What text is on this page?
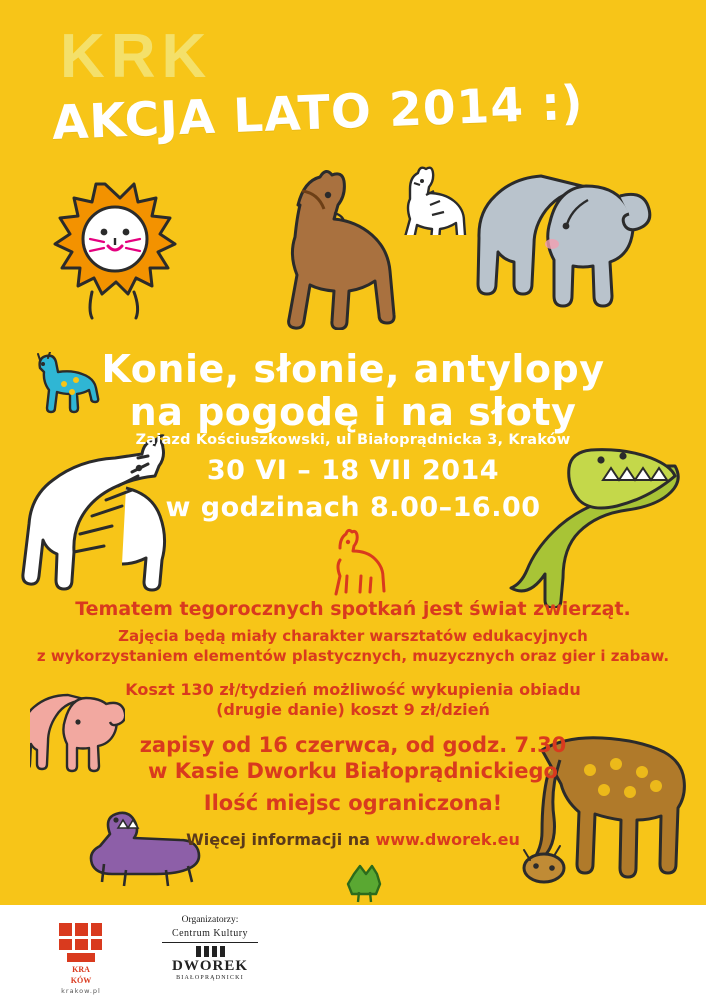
KRK
AKCJA LATO 2014 :)
Konie, słonie, antylopy
na pogodę i na słoty
Zajazd Kościuszkowski, ul Białoprądnicka 3, Kraków
30 VI – 18 VII 2014
w godzinach 8.00–16.00
Tematem tegorocznych spotkań jest świat zwierząt.
Zajęcia będą miały charakter warsztatów edukacyjnych
z wykorzystaniem elementów plastycznych, muzycznych oraz gier i zabaw.
Koszt 130 zł/tydzień możliwość wykupienia obiadu
(drugie danie) koszt 9 zł/dzień
zapisy od 16 czerwca, od godz. 7.30
w Kasie Dworku Białoprądnickiego
Ilość miejsc ograniczona!
Więcej informacji na www.dworek.eu
KRA
KÓW
krakow.pl
Organizatorzy:
Centrum Kultury
DWOREK
BIAŁOPRĄDNICKI
